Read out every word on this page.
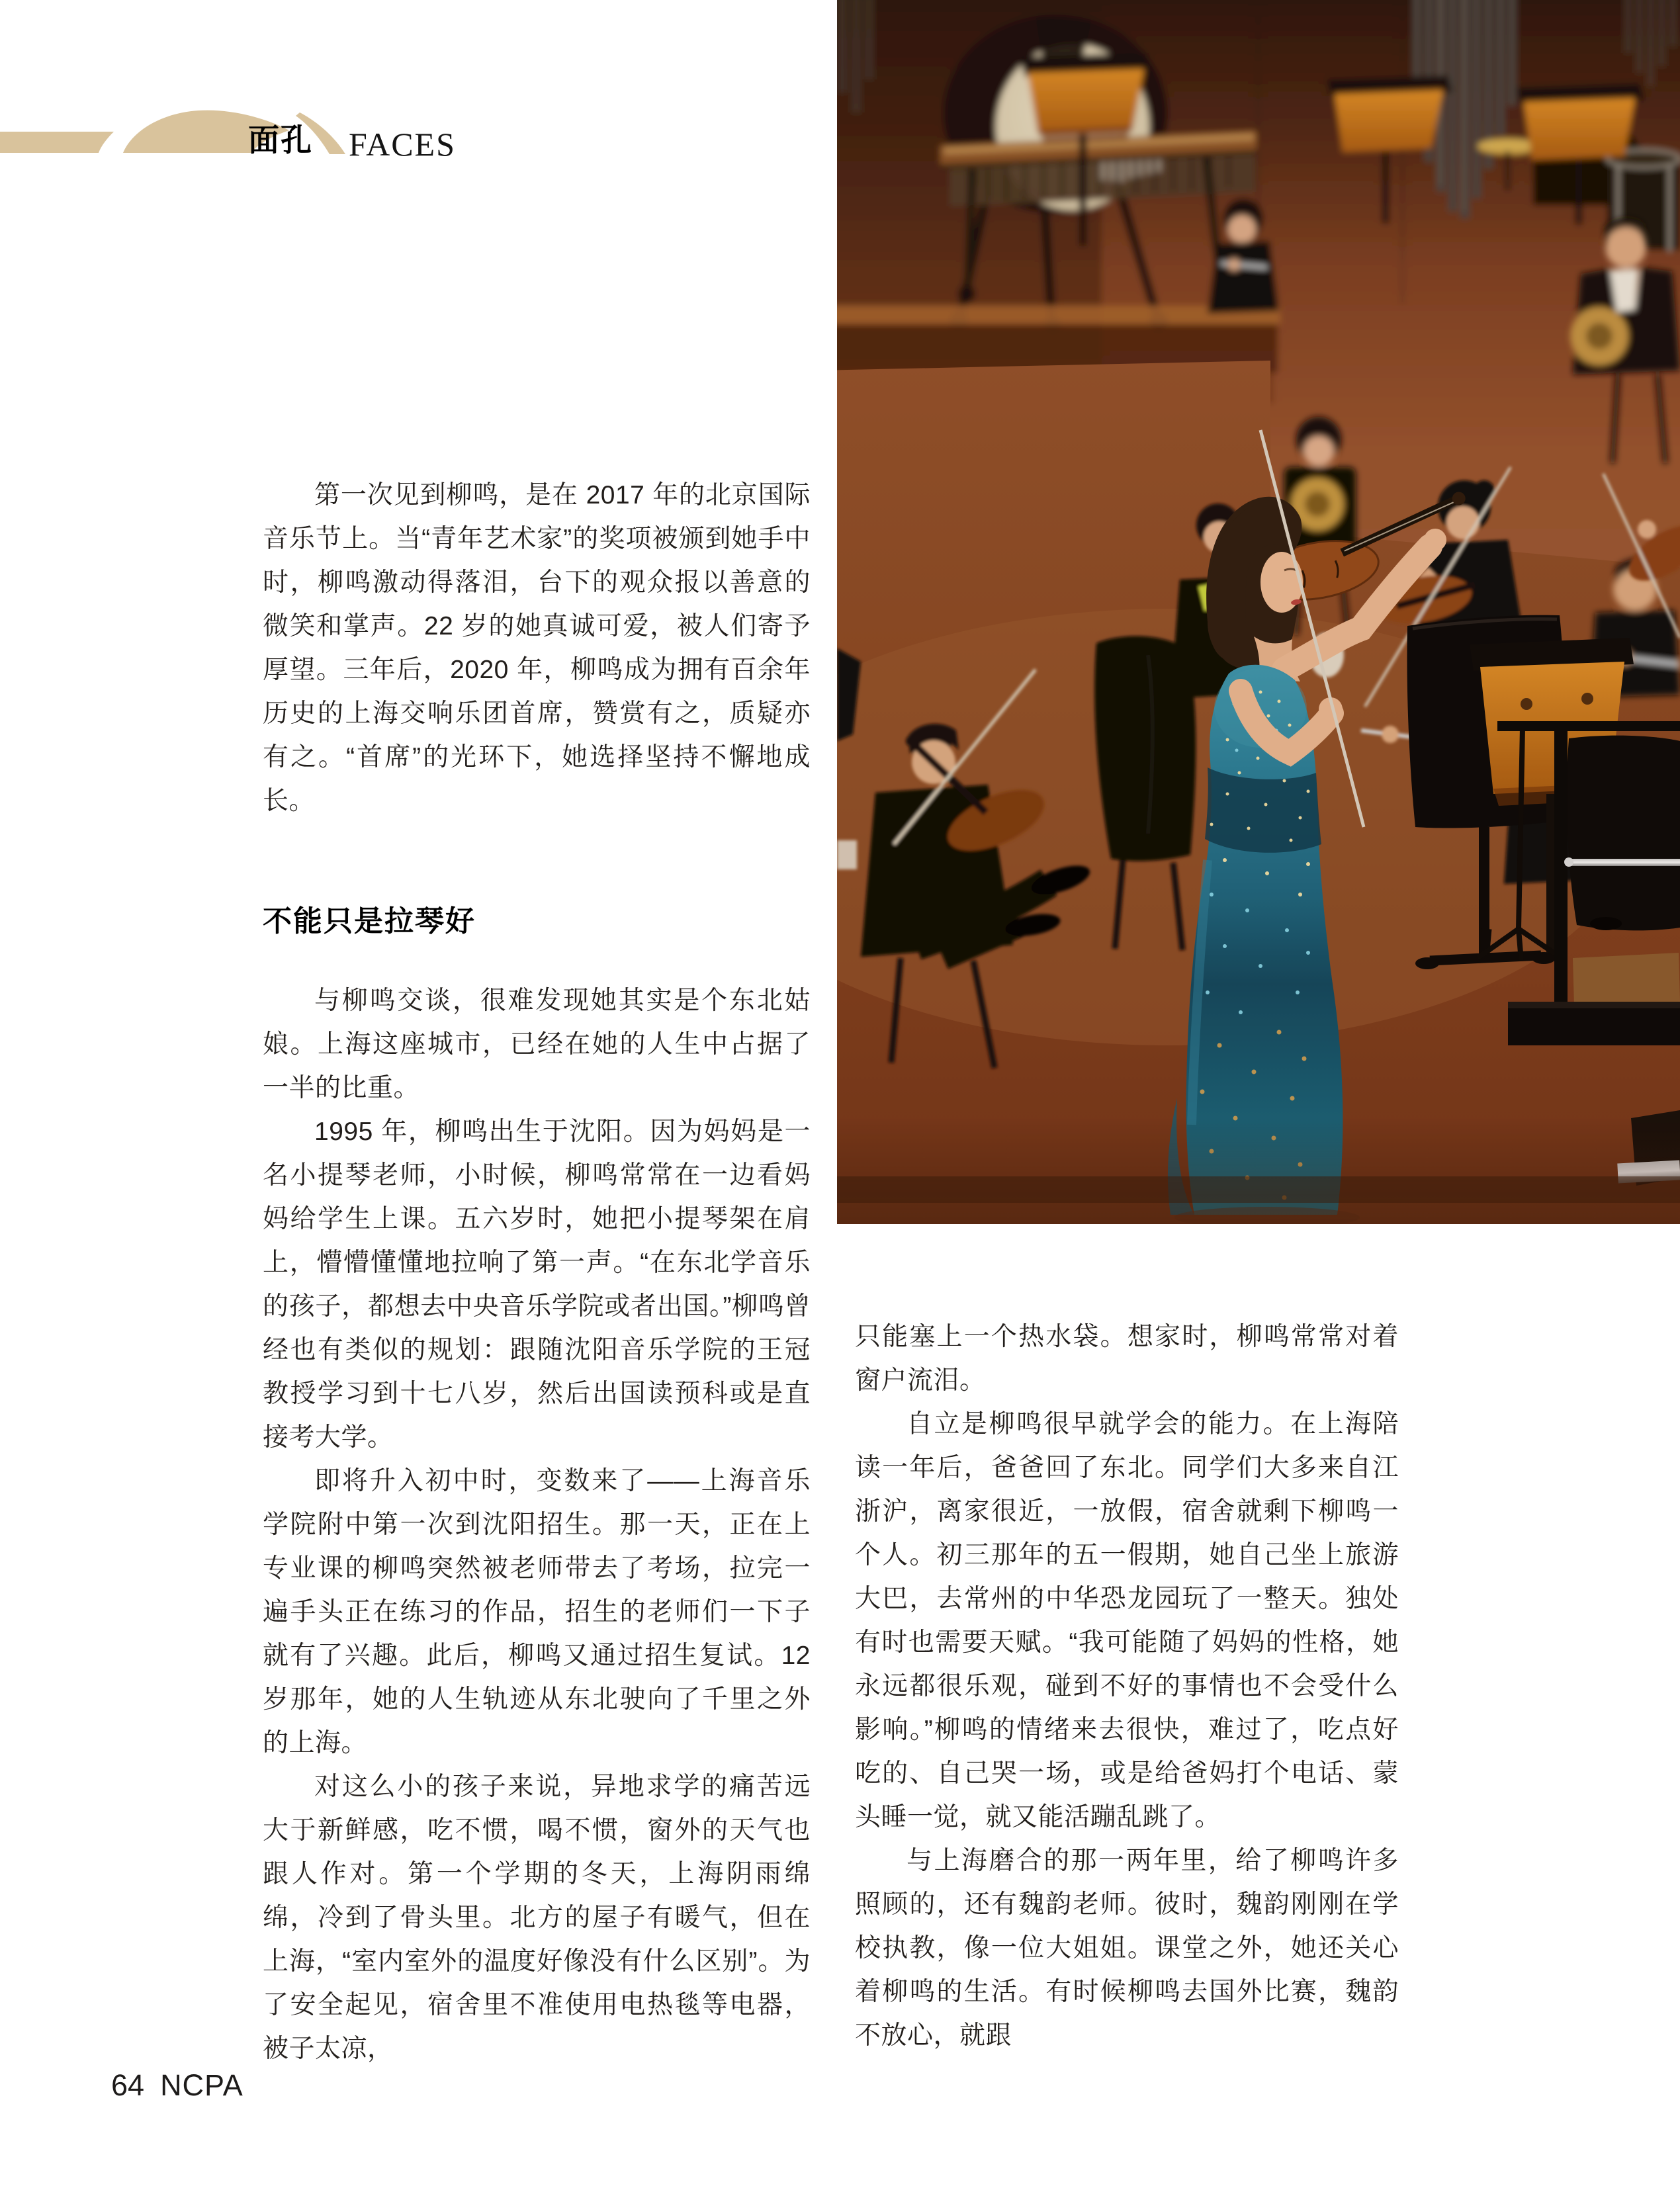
面孔 FACES

第一次见到柳鸣，是在 2017 年的北京国际音乐节上。当“青年艺术家”的奖项被颁到她手中时，柳鸣激动得落泪，台下的观众报以善意的微笑和掌声。22 岁的她真诚可爱，被人们寄予厚望。三年后，2020 年，柳鸣成为拥有百余年历史的上海交响乐团首席，赞赏有之，质疑亦有之。“首席”的光环下，她选择坚持不懈地成长。

不能只是拉琴好

与柳鸣交谈，很难发现她其实是个东北姑娘。上海这座城市，已经在她的人生中占据了一半的比重。

1995 年，柳鸣出生于沈阳。因为妈妈是一名小提琴老师，小时候，柳鸣常常在一边看妈妈给学生上课。五六岁时，她把小提琴架在肩上，懵懵懂懂地拉响了第一声。“在东北学音乐的孩子，都想去中央音乐学院或者出国。”柳鸣曾经也有类似的规划：跟随沈阳音乐学院的王冠教授学习到十七八岁，然后出国读预科或是直接考大学。

即将升入初中时，变数来了——上海音乐学院附中第一次到沈阳招生。那一天，正在上专业课的柳鸣突然被老师带去了考场，拉完一遍手头正在练习的作品，招生的老师们一下子就有了兴趣。此后，柳鸣又通过招生复试。12 岁那年，她的人生轨迹从东北驶向了千里之外的上海。

对这么小的孩子来说，异地求学的痛苦远大于新鲜感，吃不惯，喝不惯，窗外的天气也跟人作对。第一个学期的冬天，上海阴雨绵绵，冷到了骨头里。北方的屋子有暖气，但在上海，“室内室外的温度好像没有什么区别”。为了安全起见，宿舍里不准使用电热毯等电器，被子太凉，

只能塞上一个热水袋。想家时，柳鸣常常对着窗户流泪。

自立是柳鸣很早就学会的能力。在上海陪读一年后，爸爸回了东北。同学们大多来自江浙沪，离家很近，一放假，宿舍就剩下柳鸣一个人。初三那年的五一假期，她自己坐上旅游大巴，去常州的中华恐龙园玩了一整天。独处有时也需要天赋。“我可能随了妈妈的性格，她永远都很乐观，碰到不好的事情也不会受什么影响。”柳鸣的情绪来去很快，难过了，吃点好吃的、自己哭一场，或是给爸妈打个电话、蒙头睡一觉，就又能活蹦乱跳了。

与上海磨合的那一两年里，给了柳鸣许多照顾的，还有魏韵老师。彼时，魏韵刚刚在学校执教，像一位大姐姐。课堂之外，她还关心着柳鸣的生活。有时候柳鸣去国外比赛，魏韵不放心，就跟

64 NCPA
